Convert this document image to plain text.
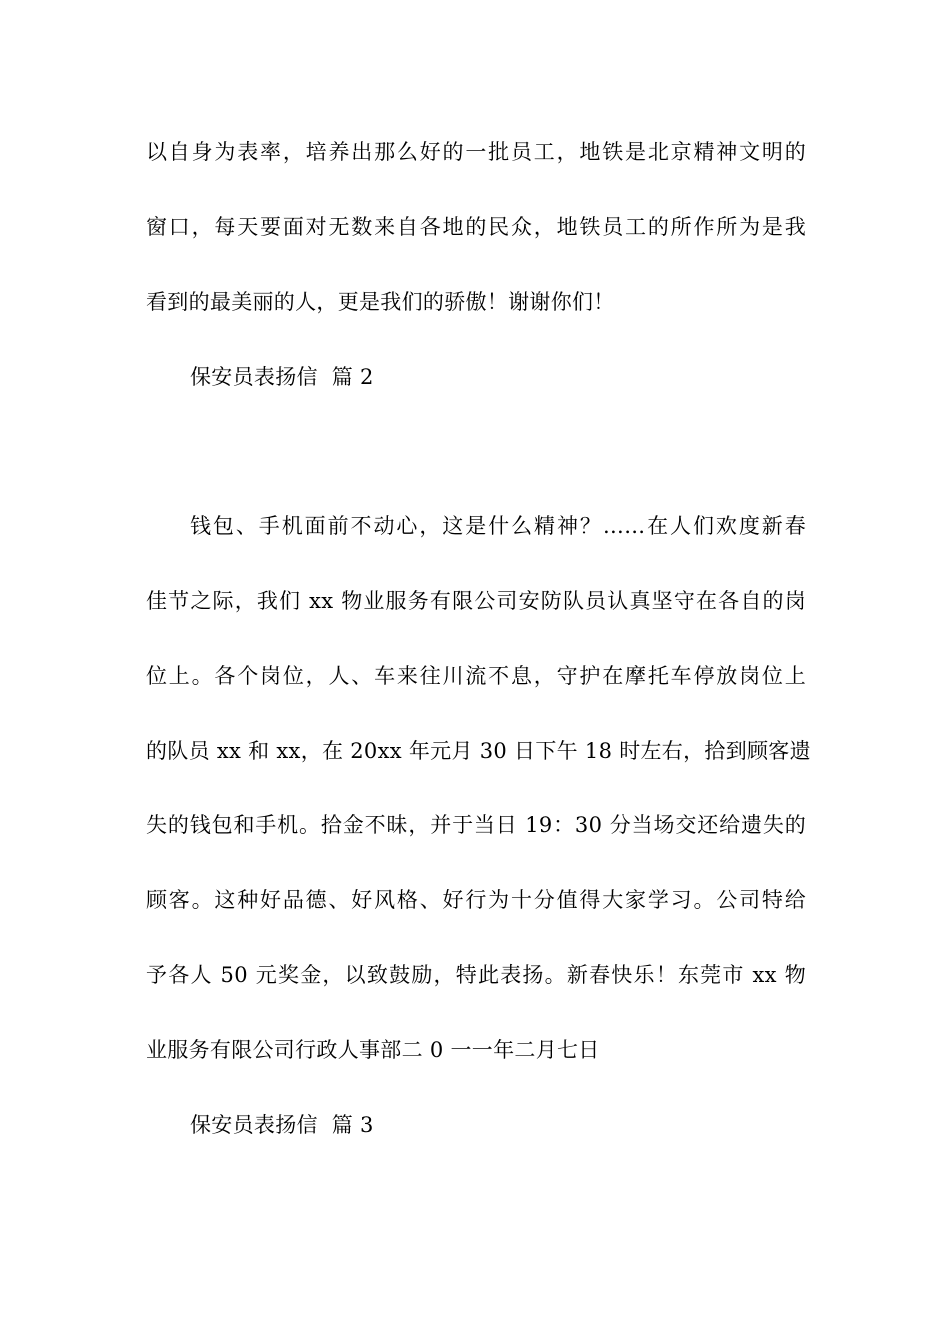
以自身为表率，培养出那么好的一批员工，地铁是北京精神文明的
窗口，每天要面对无数来自各地的民众，地铁员工的所作所为是我
看到的最美丽的人，更是我们的骄傲！谢谢你们！
保安员表扬信  篇 2
钱包、手机面前不动心，这是什么精神？……在人们欢度新春
佳节之际，我们 xx 物业服务有限公司安防队员认真坚守在各自的岗
位上。各个岗位，人、车来往川流不息，守护在摩托车停放岗位上
的队员 xx 和 xx，在 20xx 年元月 30 日下午 18 时左右，拾到顾客遗
失的钱包和手机。拾金不昧，并于当日 19：30 分当场交还给遗失的
顾客。这种好品德、好风格、好行为十分值得大家学习。公司特给
予各人 50 元奖金，以致鼓励，特此表扬。新春快乐！东莞市 xx 物
业服务有限公司行政人事部二 0 一一年二月七日
保安员表扬信  篇 3
